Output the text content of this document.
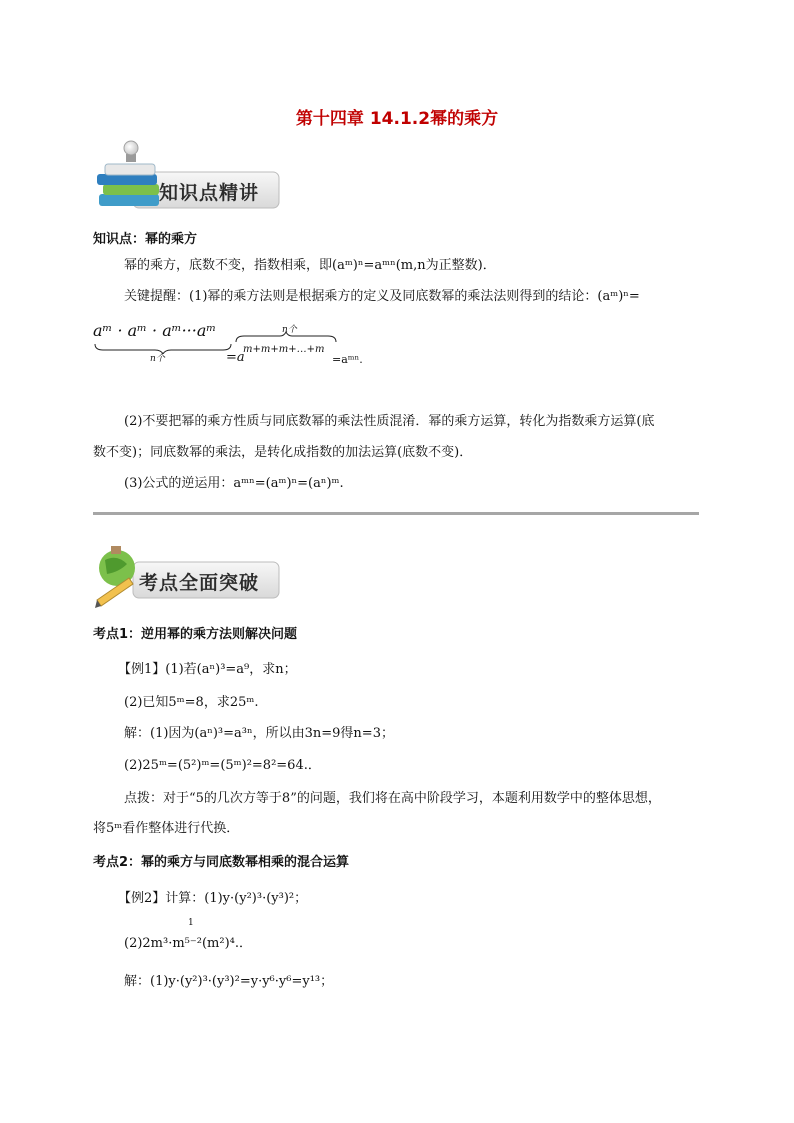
第十四章 14.1.2幂的乘方
知识点精讲
知识点：幂的乘方
幂的乘方，底数不变，指数相乘，即(aᵐ)ⁿ=aᵐⁿ(m,n为正整数)．
关键提醒：(1)幂的乘方法则是根据乘方的定义及同底数幂的乘法法则得到的结论：(aᵐ)ⁿ=
aᵐ · aᵐ · aᵐ···aᵐ
n个
n个
=a
m+m+m+…+m
=aᵐⁿ.
(2)不要把幂的乘方性质与同底数幂的乘法性质混淆．幂的乘方运算，转化为指数乘方运算(底
数不变)；同底数幂的乘法，是转化成指数的加法运算(底数不变)．
(3)公式的逆运用：aᵐⁿ=(aᵐ)ⁿ=(aⁿ)ᵐ.
考点全面突破
考点1：逆用幂的乘方法则解决问题
【例1】(1)若(aⁿ)³=a⁹，求n；
(2)已知5ᵐ=8，求25ᵐ.
解：(1)因为(aⁿ)³=a³ⁿ，所以由3n=9得n=3；
(2)25ᵐ=(5²)ᵐ=(5ᵐ)²=8²=64.．
点拨：对于“5的几次方等于8”的问题，我们将在高中阶段学习，本题利用数学中的整体思想，
将5ᵐ看作整体进行代换．
考点2：幂的乘方与同底数幂相乘的混合运算
【例2】计算：(1)y·(y²)³·(y³)²；
1
(2)2m³·m⁵⁻²(m²)⁴.．
解：(1)y·(y²)³·(y³)²=y·y⁶·y⁶=y¹³；
